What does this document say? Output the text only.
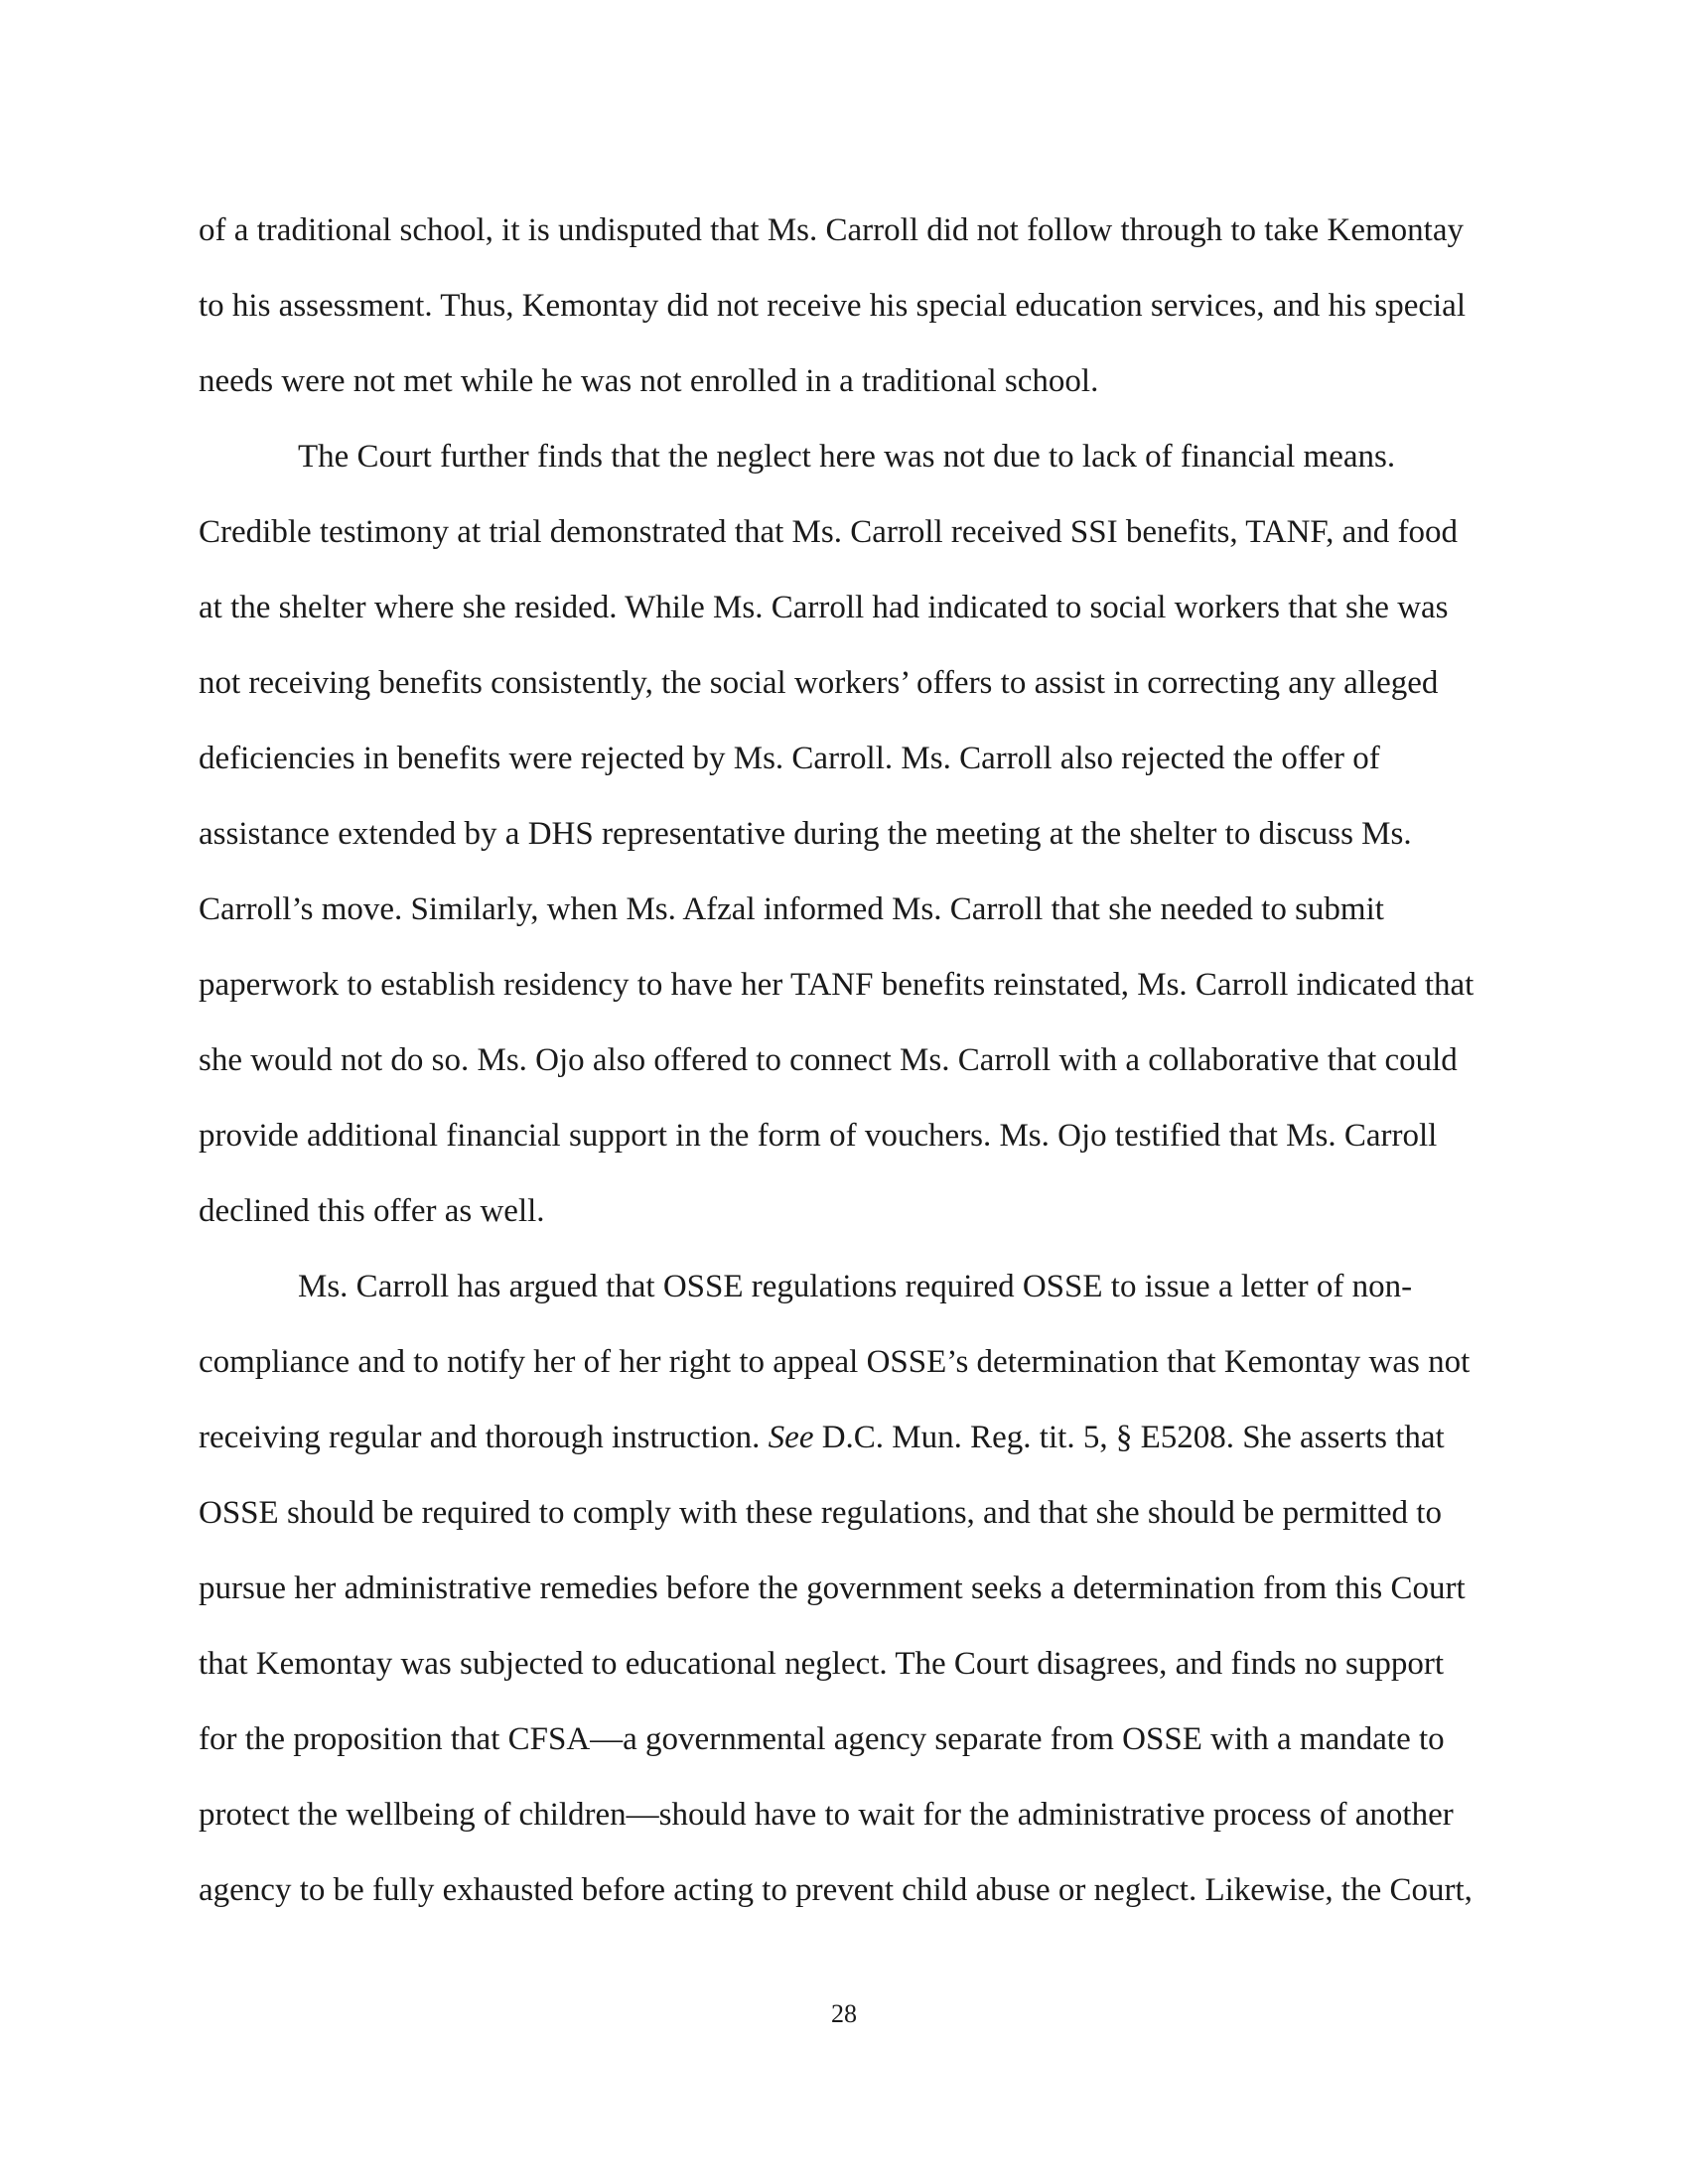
of a traditional school, it is undisputed that Ms. Carroll did not follow through to take Kemontay to his assessment. Thus, Kemontay did not receive his special education services, and his special needs were not met while he was not enrolled in a traditional school.

The Court further finds that the neglect here was not due to lack of financial means. Credible testimony at trial demonstrated that Ms. Carroll received SSI benefits, TANF, and food at the shelter where she resided. While Ms. Carroll had indicated to social workers that she was not receiving benefits consistently, the social workers’ offers to assist in correcting any alleged deficiencies in benefits were rejected by Ms. Carroll. Ms. Carroll also rejected the offer of assistance extended by a DHS representative during the meeting at the shelter to discuss Ms. Carroll’s move. Similarly, when Ms. Afzal informed Ms. Carroll that she needed to submit paperwork to establish residency to have her TANF benefits reinstated, Ms. Carroll indicated that she would not do so. Ms. Ojo also offered to connect Ms. Carroll with a collaborative that could provide additional financial support in the form of vouchers. Ms. Ojo testified that Ms. Carroll declined this offer as well.

Ms. Carroll has argued that OSSE regulations required OSSE to issue a letter of non-compliance and to notify her of her right to appeal OSSE’s determination that Kemontay was not receiving regular and thorough instruction. See D.C. Mun. Reg. tit. 5, § E5208. She asserts that OSSE should be required to comply with these regulations, and that she should be permitted to pursue her administrative remedies before the government seeks a determination from this Court that Kemontay was subjected to educational neglect. The Court disagrees, and finds no support for the proposition that CFSA—a governmental agency separate from OSSE with a mandate to protect the wellbeing of children—should have to wait for the administrative process of another agency to be fully exhausted before acting to prevent child abuse or neglect. Likewise, the Court,

28
